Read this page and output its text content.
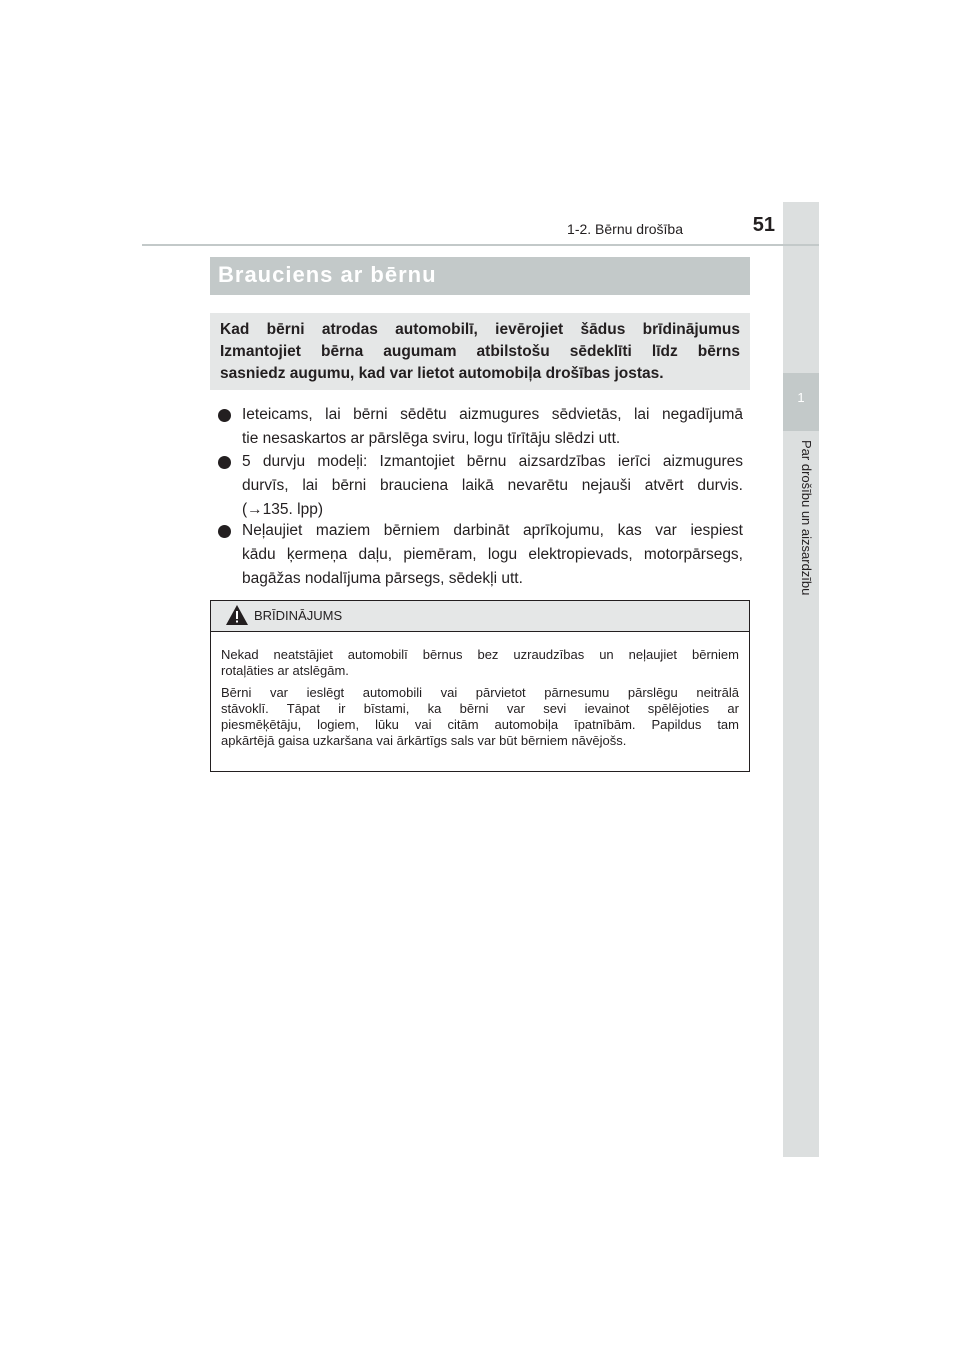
1
Par drošību un aizsardzību
1-2. Bērnu drošība	51
Brauciens ar bērnu
Kad bērni atrodas automobilī, ievērojiet šādus brīdinājumus
Izmantojiet bērna augumam atbilstošu sēdeklīti līdz bērns
sasniedz augumu, kad var lietot automobiļa drošības jostas.
Ieteicams, lai bērni sēdētu aizmugures sēdvietās, lai negadījumā
tie nesaskartos ar pārslēga sviru, logu tīrītāju slēdzi utt.
5 durvju modeļi: Izmantojiet bērnu aizsardzības ierīci aizmugures
durvīs, lai bērni brauciena laikā nevarētu nejauši atvērt durvis.
(→135. lpp)
Neļaujiet maziem bērniem darbināt aprīkojumu, kas var iespiest
kādu ķermeņa daļu, piemēram, logu elektropievads, motorpārsegs,
bagāžas nodalījuma pārsegs, sēdekļi utt.
BRĪDINĀJUMS
Nekad neatstājiet automobilī bērnus bez uzraudzības un neļaujiet bērniem
rotaļāties ar atslēgām.
Bērni var ieslēgt automobili vai pārvietot pārnesumu pārslēgu neitrālā
stāvoklī. Tāpat ir bīstami, ka bērni var sevi ievainot spēlējoties ar
piesmēķētāju, logiem, lūku vai citām automobiļa īpatnībām. Papildus tam
apkārtējā gaisa uzkaršana vai ārkārtīgs sals var būt bērniem nāvējošs.
